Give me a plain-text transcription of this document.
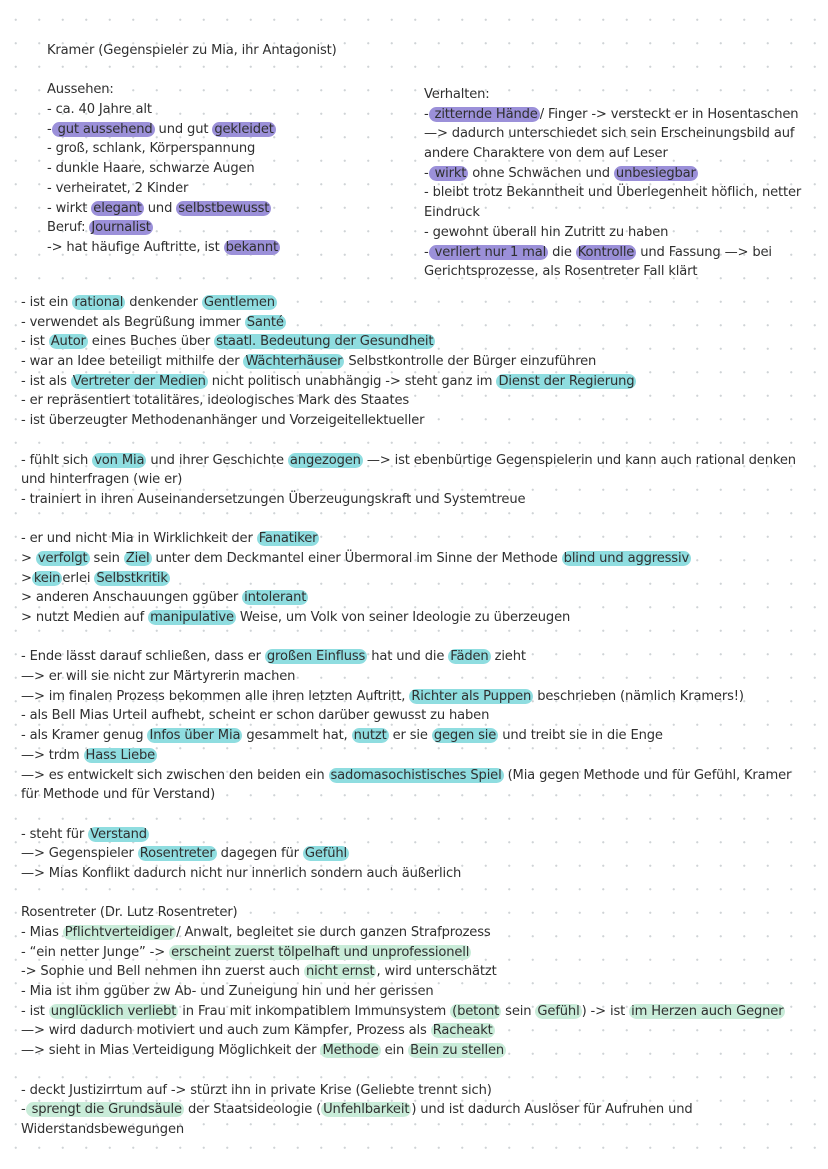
Kramer (Gegenspieler zu Mia, ihr Antagonist)
Aussehen:
- ca. 40 Jahre alt
- gut aussehend und gut gekleidet
- groß, schlank, Körperspannung
- dunkle Haare, schwarze Augen
- verheiratet, 2 Kinder
- wirkt elegant und selbstbewusst
Beruf: Journalist
-> hat häufige Auftritte, ist bekannt
Verhalten:
- zitternde Hände / Finger -> versteckt er in Hosentaschen
—> dadurch unterschiedet sich sein Erscheinungsbild auf
andere Charaktere von dem auf Leser
- wirkt ohne Schwächen und unbesiegbar
- bleibt trotz Bekanntheit und Überlegenheit höflich, netter
Eindruck
- gewohnt überall hin Zutritt zu haben
- verliert nur 1 mal die Kontrolle und Fassung —> bei
Gerichtsprozesse, als Rosentreter Fall klärt
- ist ein rational denkender Gentlemen
- verwendet als Begrüßung immer Santé
- ist Autor eines Buches über staatl. Bedeutung der Gesundheit
- war an Idee beteiligt mithilfe der Wächterhäuser Selbstkontrolle der Bürger einzuführen
- ist als Vertreter der Medien nicht politisch unabhängig -> steht ganz im Dienst der Regierung
- er repräsentiert totalitäres, ideologisches Mark des Staates
- ist überzeugter Methodenanhänger und Vorzeigeitellektueller
- fühlt sich von Mia und ihrer Geschichte angezogen —> ist ebenbürtige Gegenspielerin und kann auch rational denken
und hinterfragen (wie er)
- trainiert in ihren Auseinandersetzungen Überzeugungskraft und Systemtreue
- er und nicht Mia in Wirklichkeit der Fanatiker
> verfolgt sein Ziel unter dem Deckmantel einer Übermoral im Sinne der Methode blind und aggressiv
> kein erlei Selbstkritik
> anderen Anschauungen ggüber intolerant
> nutzt Medien auf manipulative Weise, um Volk von seiner Ideologie zu überzeugen
- Ende lässt darauf schließen, dass er großen Einfluss hat und die Fäden zieht
—> er will sie nicht zur Märtyrerin machen
—> im finalen Prozess bekommen alle ihren letzten Auftritt, Richter als Puppen beschrieben (nämlich Kramers!)
- als Bell Mias Urteil aufhebt, scheint er schon darüber gewusst zu haben
- als Kramer genug Infos über Mia gesammelt hat, nutzt er sie gegen sie und treibt sie in die Enge
—> trdm Hass Liebe
—> es entwickelt sich zwischen den beiden ein sadomasochistisches Spiel (Mia gegen Methode und für Gefühl, Kramer
für Methode und für Verstand)
- steht für Verstand
—> Gegenspieler Rosentreter dagegen für Gefühl
—> Mias Konflikt dadurch nicht nur innerlich sondern auch äußerlich
Rosentreter (Dr. Lutz Rosentreter)
- Mias Pflichtverteidiger / Anwalt, begleitet sie durch ganzen Strafprozess
- “ein netter Junge” -> erscheint zuerst tölpelhaft und unprofessionell
-> Sophie und Bell nehmen ihn zuerst auch nicht ernst , wird unterschätzt
- Mia ist ihm ggüber zw Ab- und Zuneigung hin und her gerissen
- ist unglücklich verliebt in Frau mit inkompatiblem Immunsystem (betont sein Gefühl ) -> ist im Herzen auch Gegner
—> wird dadurch motiviert und auch zum Kämpfer, Prozess als Racheakt
—> sieht in Mias Verteidigung Möglichkeit der Methode ein Bein zu stellen
- deckt Justizirrtum auf -> stürzt ihn in private Krise (Geliebte trennt sich)
- sprengt die Grundsäule der Staatsideologie ( Unfehlbarkeit ) und ist dadurch Auslöser für Aufruhen und
Widerstandsbewegungen
